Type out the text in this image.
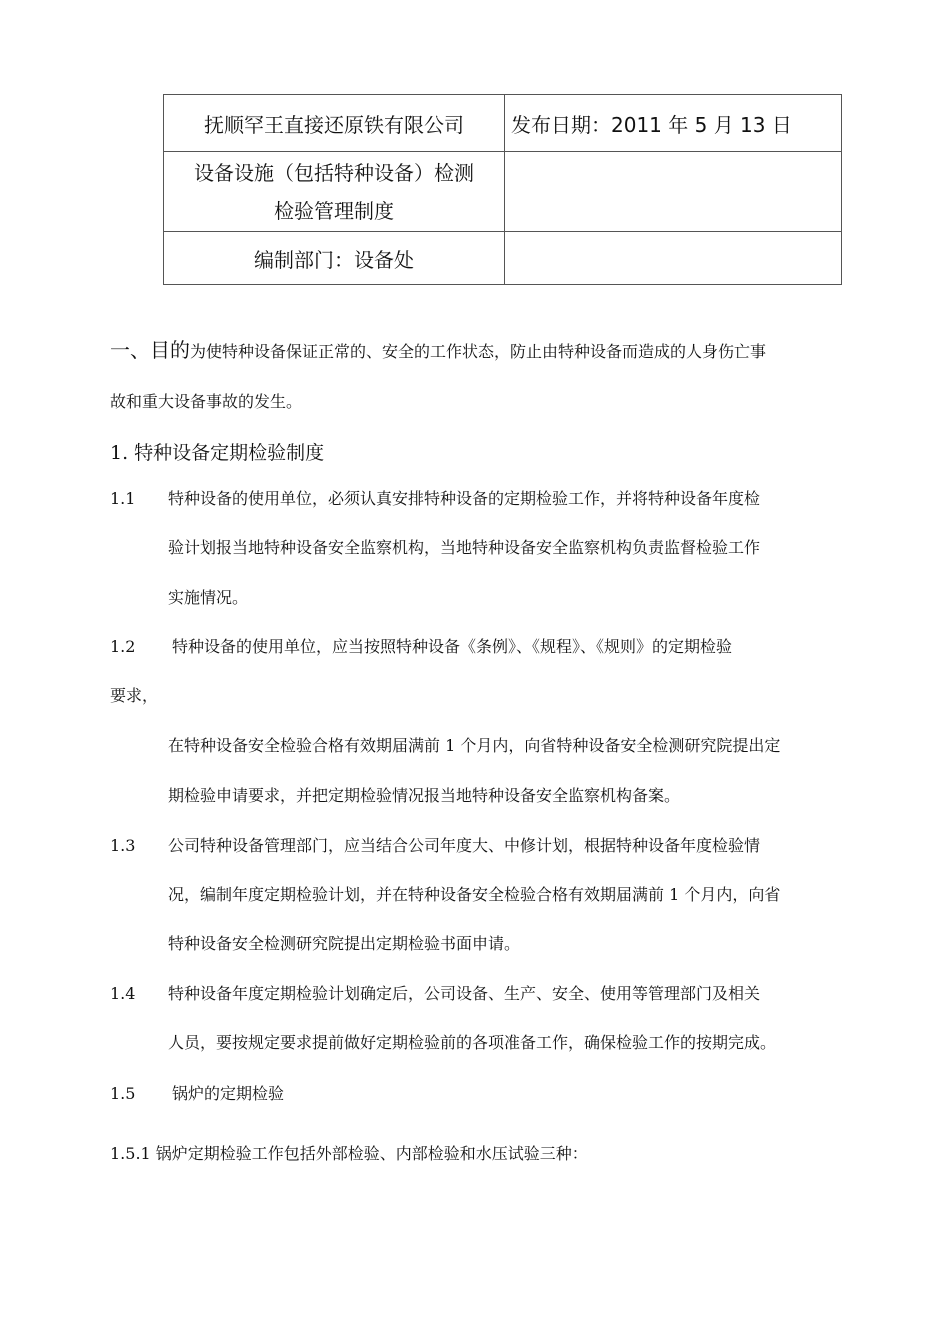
抚顺罕王直接还原铁有限公司	发布日期：2011 年 5 月 13 日

设备设施（包括特种设备）检测
检验管理制度	

编制部门：设备处	
一、目的为使特种设备保证正常的、安全的工作状态，防止由特种设备而造成的人身伤亡事
故和重大设备事故的发生。
1. 特种设备定期检验制度
1.1 特种设备的使用单位，必须认真安排特种设备的定期检验工作，并将特种设备年度检
验计划报当地特种设备安全监察机构，当地特种设备安全监察机构负责监督检验工作
实施情况。
1.2 特种设备的使用单位，应当按照特种设备《条例》、《规程》、《规则》的定期检验
要求，
在特种设备安全检验合格有效期届满前 1 个月内，向省特种设备安全检测研究院提出定
期检验申请要求，并把定期检验情况报当地特种设备安全监察机构备案。
1.3 公司特种设备管理部门，应当结合公司年度大、中修计划，根据特种设备年度检验情
况，编制年度定期检验计划，并在特种设备安全检验合格有效期届满前 1 个月内，向省
特种设备安全检测研究院提出定期检验书面申请。
1.4 特种设备年度定期检验计划确定后，公司设备、生产、安全、使用等管理部门及相关
人员，要按规定要求提前做好定期检验前的各项准备工作，确保检验工作的按期完成。
1.5 锅炉的定期检验
1.5.1 锅炉定期检验工作包括外部检验、内部检验和水压试验三种：
